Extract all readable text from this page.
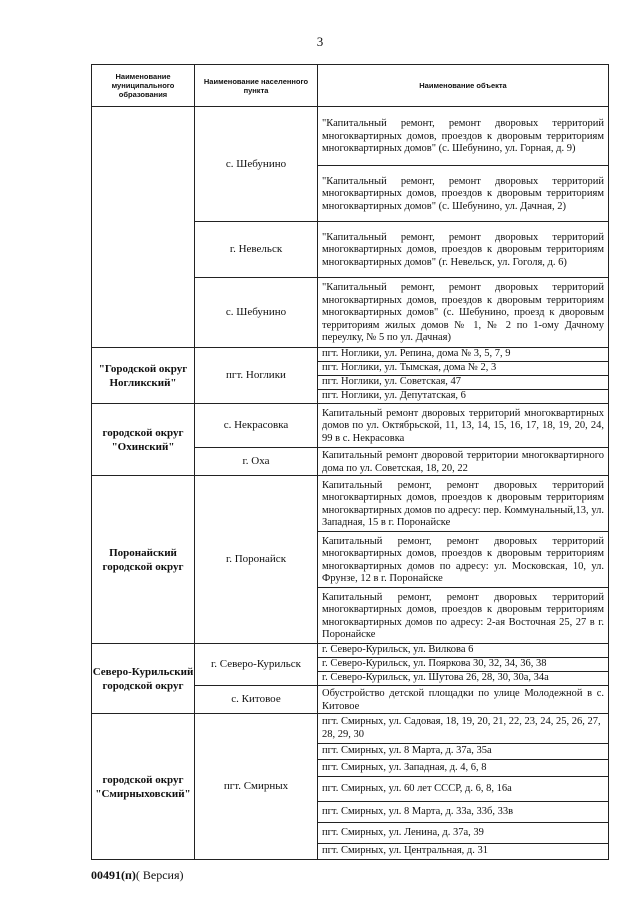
3
Наименование муниципального образования	Наименование населенного пункта	Наименование объекта
	с. Шебунино	"Капитальный ремонт, ремонт дворовых территорий многоквартирных домов, проездов к дворовым территориям многоквартирных домов" (с. Шебунино, ул. Горная, д. 9)
		"Капитальный ремонт, ремонт дворовых территорий многоквартирных домов, проездов к дворовым территориям многоквартирных домов" (с. Шебунино, ул. Дачная, 2)
	г. Невельск	"Капитальный ремонт, ремонт дворовых территорий многоквартирных домов, проездов к дворовым территориям многоквартирных домов" (г. Невельск, ул. Гоголя, д. 6)
	с. Шебунино	"Капитальный ремонт, ремонт дворовых территорий многоквартирных домов, проездов к дворовым территориям многоквартирных домов" (с. Шебунино, проезд к дворовым территориям жилых домов № 1, № 2 по 1-ому Дачному переулку, № 5 по ул. Дачная)
"Городской округ Ногликский"	пгт. Ноглики	пгт. Ноглики, ул. Репина, дома № 3, 5, 7, 9
		пгт. Ноглики, ул. Тымская, дома № 2, 3
		пгт. Ноглики, ул. Советская, 47
		пгт. Ноглики, ул. Депутатская, 6
городской округ "Охинский"	с. Некрасовка	Капитальный ремонт дворовых территорий многоквартирных домов по ул. Октябрьской, 11, 13, 14, 15, 16, 17, 18, 19, 20, 24, 99 в с. Некрасовка
	г. Оха	Капитальный ремонт дворовой территории многоквартирного дома по ул. Советская, 18, 20, 22
Поронайский городской округ	г. Поронайск	Капитальный ремонт, ремонт дворовых территорий многоквартирных домов, проездов к дворовым территориям многоквартирных домов по адресу: пер. Коммунальный,13, ул. Западная, 15 в г. Поронайске
		Капитальный ремонт, ремонт дворовых территорий многоквартирных домов, проездов к дворовым территориям многоквартирных домов по адресу: ул. Московская, 10, ул. Фрунзе, 12 в г. Поронайске
		Капитальный ремонт, ремонт дворовых территорий многоквартирных домов, проездов к дворовым территориям многоквартирных домов по адресу: 2-ая Восточная 25, 27 в г. Поронайске
Северо-Курильский городской округ	г. Северо-Курильск	г. Северо-Курильск, ул. Вилкова 6
		г. Северо-Курильск, ул. Пояркова 30, 32, 34, 36, 38
		г. Северо-Курильск, ул. Шутова 26, 28, 30, 30а, 34а
	с. Китовое	Обустройство детской площадки по улице Молодежной в с. Китовое
городской округ "Смирныховский"	пгт. Смирных	пгт. Смирных, ул. Садовая, 18, 19, 20, 21, 22, 23, 24, 25, 26, 27, 28, 29, 30
		пгт. Смирных, ул. 8 Марта, д. 37а, 35а
		пгт. Смирных, ул. Западная, д. 4, 6, 8
		пгт. Смирных, ул. 60 лет СССР, д. 6, 8, 16а
		пгт. Смирных, ул. 8 Марта, д. 33а, 33б, 33в
		пгт. Смирных, ул. Ленина, д. 37а, 39
		пгт. Смирных, ул. Центральная, д. 31
00491(п)( Версия)
